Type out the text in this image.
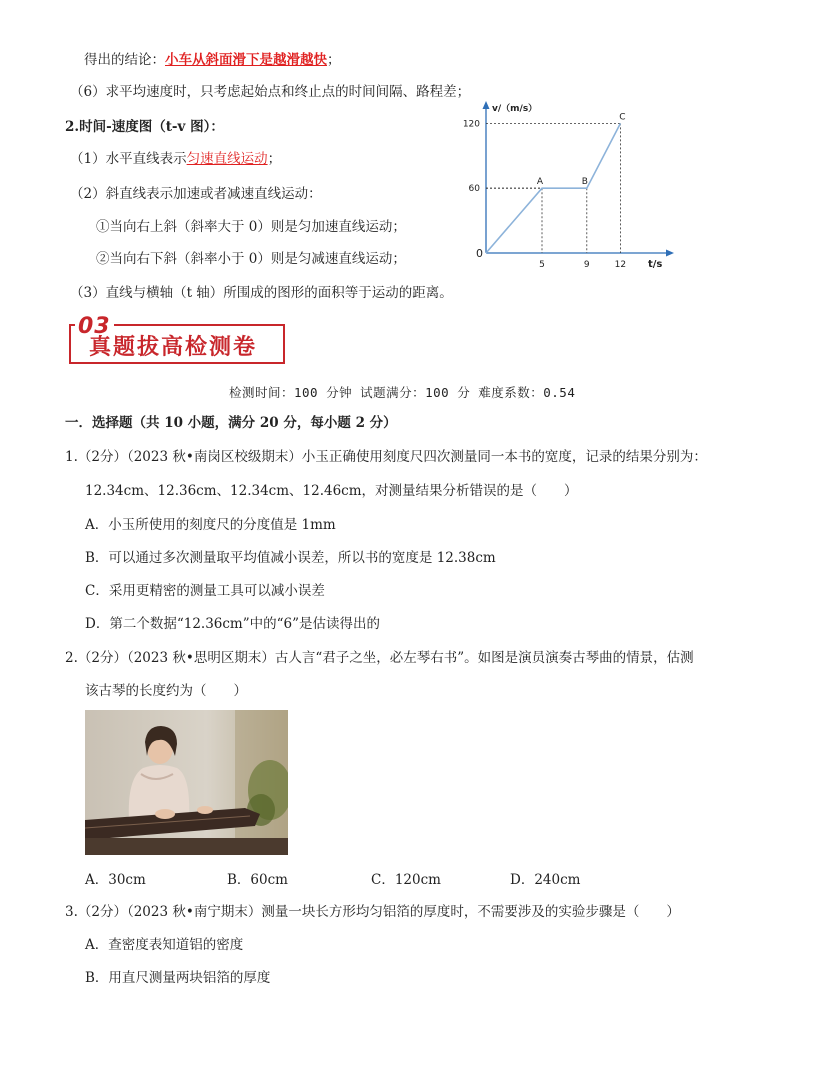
得出的结论：小车从斜面滑下是越滑越快；
（6）求平均速度时，只考虑起始点和终止点的时间间隔、路程差；
2.时间-速度图（t-v 图）：
（1）水平直线表示匀速直线运动；
（2）斜直线表示加速或者减速直线运动：
①当向右上斜（斜率大于 0）则是匀加速直线运动；
②当向右下斜（斜率小于 0）则是匀减速直线运动；
（3）直线与横轴（t 轴）所围成的图形的面积等于运动的距离。
v/（m/s）
t/s
0
60
120
5	9	12
A	B
C
03
真题拔高检测卷
检测时间：100 分钟 试题满分：100 分 难度系数：0.54
一．选择题（共 10 小题，满分 20 分，每小题 2 分）
1.（2分）（2023 秋•南岗区校级期末）小玉正确使用刻度尺四次测量同一本书的宽度，记录的结果分别为：
12.34cm、12.36cm、12.34cm、12.46cm，对测量结果分析错误的是（　　）
A．小玉所使用的刻度尺的分度值是 1mm
B．可以通过多次测量取平均值减小误差，所以书的宽度是 12.38cm
C．采用更精密的测量工具可以减小误差
D．第二个数据“12.36cm”中的“6”是估读得出的
2.（2分）（2023 秋•思明区期末）古人言“君子之坐，必左琴右书”。如图是演员演奏古琴曲的情景，估测
该古琴的长度约为（　　）
A．30cm	B．60cm	C．120cm	D．240cm
3.（2分）（2023 秋•南宁期末）测量一块长方形均匀铝箔的厚度时，不需要涉及的实验步骤是（　　）
A．查密度表知道铝的密度
B．用直尺测量两块铝箔的厚度
